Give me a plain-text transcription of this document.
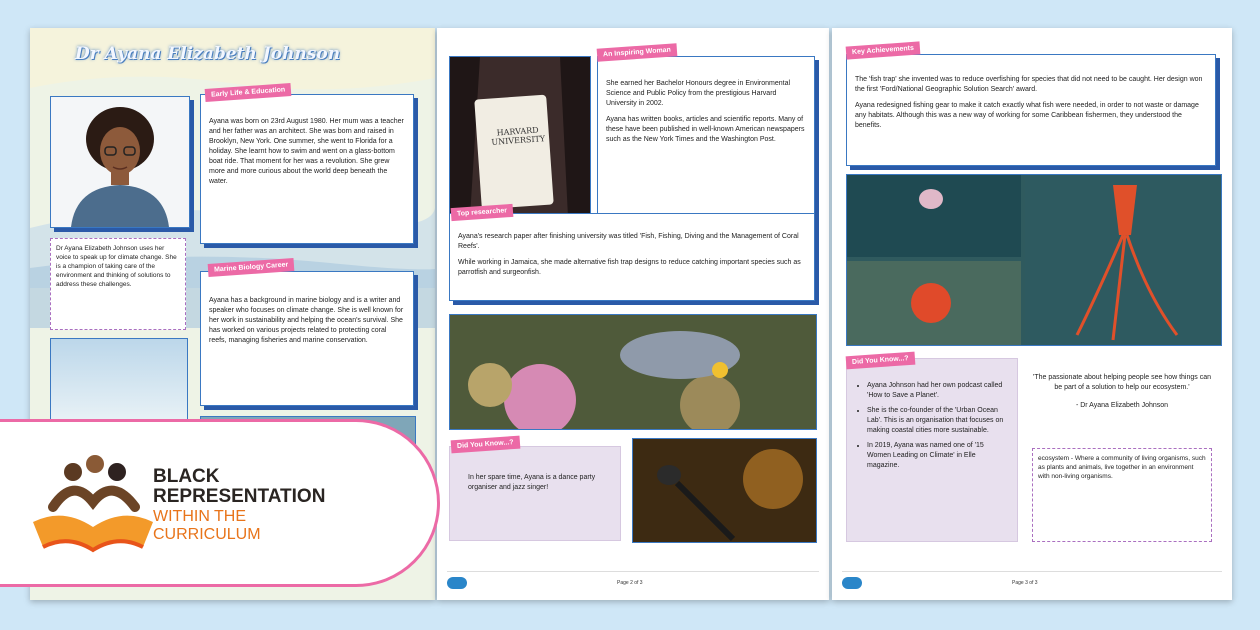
Dr Ayana Elizabeth Johnson
Early Life & Education
Ayana was born on 23rd August 1980. Her mum was a teacher and her father was an architect. She was born and raised in Brooklyn, New York. One summer, she went to Florida for a holiday. She learnt how to swim and went on a glass-bottom boat ride. That moment for her was a revolution. She grew more and more curious about the world deep beneath the water.
Dr Ayana Elizabeth Johnson uses her voice to speak up for climate change. She is a champion of taking care of the environment and thinking of solutions to address these challenges.
Marine Biology Career
Ayana has a background in marine biology and is a writer and speaker who focuses on climate change. She is well known for her work in sustainability and helping the ocean's survival. She has worked on various projects related to protecting coral reefs, managing fisheries and marine conservation.
HARVARD UNIVERSITY
An Inspiring Woman

She earned her Bachelor Honours degree in Environmental Science and Public Policy from the prestigious Harvard University in 2002.

Ayana has written books, articles and scientific reports. Many of these have been published in well-known American newspapers such as the New York Times and the Washington Post.

Top researcher

Ayana's research paper after finishing university was titled 'Fish, Fishing, Diving and the Management of Coral Reefs'.

While working in Jamaica, she made alternative fish trap designs to reduce catching important species such as parrotfish and surgeonfish.

Did You Know...?
In her spare time, Ayana is a dance party organiser and jazz singer!
Page 2 of 3
Key Achievements

The 'fish trap' she invented was to reduce overfishing for species that did not need to be caught. Her design won the first 'Ford/National Geographic Solution Search' award.

Ayana redesigned fishing gear to make it catch exactly what fish were needed, in order to not waste or damage any habitats. Although this was a new way of working for some Caribbean fishermen, they understood the benefits.

Did You Know...?
• Ayana Johnson had her own podcast called 'How to Save a Planet'.
• She is the co-founder of the 'Urban Ocean Lab'. This is an organisation that focuses on making coastal cities more sustainable.
• In 2019, Ayana was named one of '15 Women Leading on Climate' in Elle magazine.

'The passionate about helping people see how things can be part of a solution to help our ecosystem.'

- Dr Ayana Elizabeth Johnson

ecosystem - Where a community of living organisms, such as plants and animals, live together in an environment with non-living organisms.
Page 3 of 3
BLACK
REPRESENTATION
WITHIN THE
CURRICULUM
